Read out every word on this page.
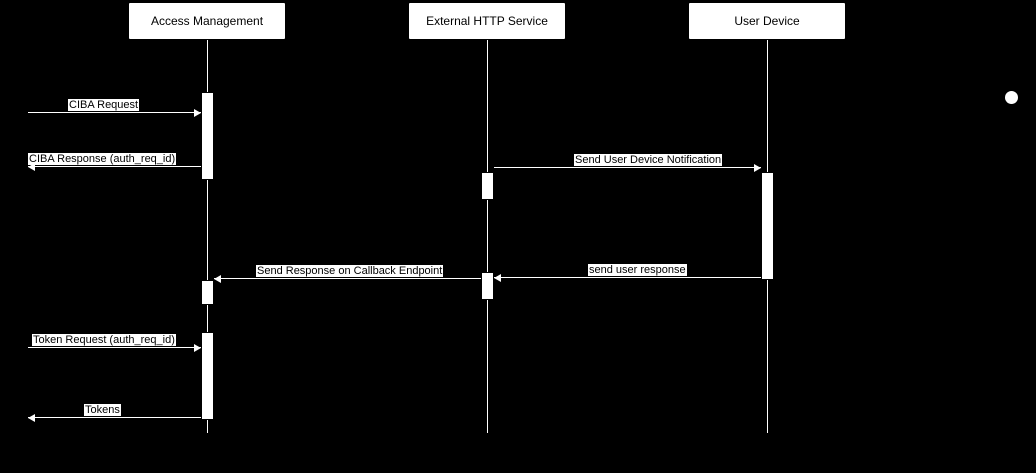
Access Management	External HTTP Service	User Device
CIBA Request
CIBA Response (auth_req_id)	Send User Device Notification
Send Response on Callback Endpoint	send user response
Token Request (auth_req_id)
Tokens
